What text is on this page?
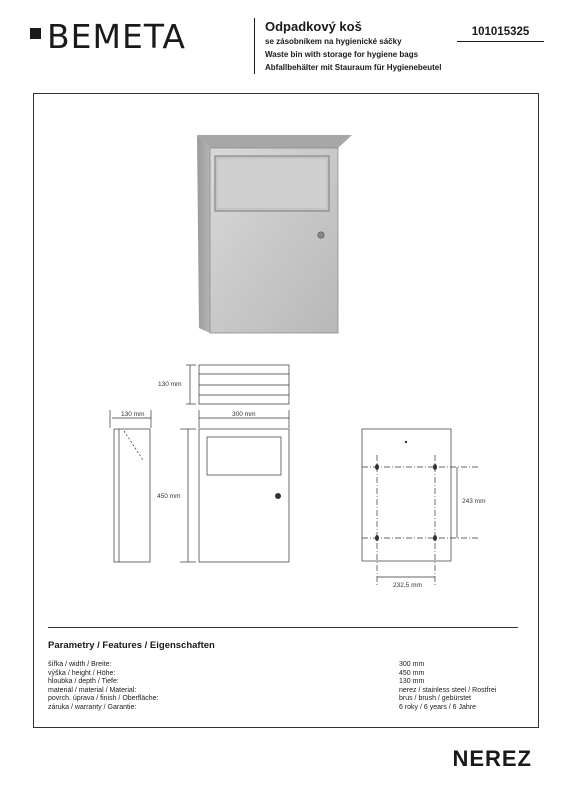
BEMETA	Odpadkový koš
se zásobníkem na hygienické sáčky
Waste bin with storage for hygiene bags
Abfallbehälter mit Stauraum für Hygienebeutel
101015325
130 mm
130 mm	300 mm
450 mm
243 mm
232,5 mm
Parametry / Features / Eigenschaften
šířka / width / Breite:
výška / height / Höhe:
hloubka / depth / Tiefe:
materiál / material / Material:
povrch. úprava / finish / Oberfläche:
záruka / warranty / Garantie:
300 mm
450 mm
130 mm
nerez / stainless steel / Rostfrei
brus / brush / gebürstet
6 roky / 6 years / 6 Jahre
NEREZ
